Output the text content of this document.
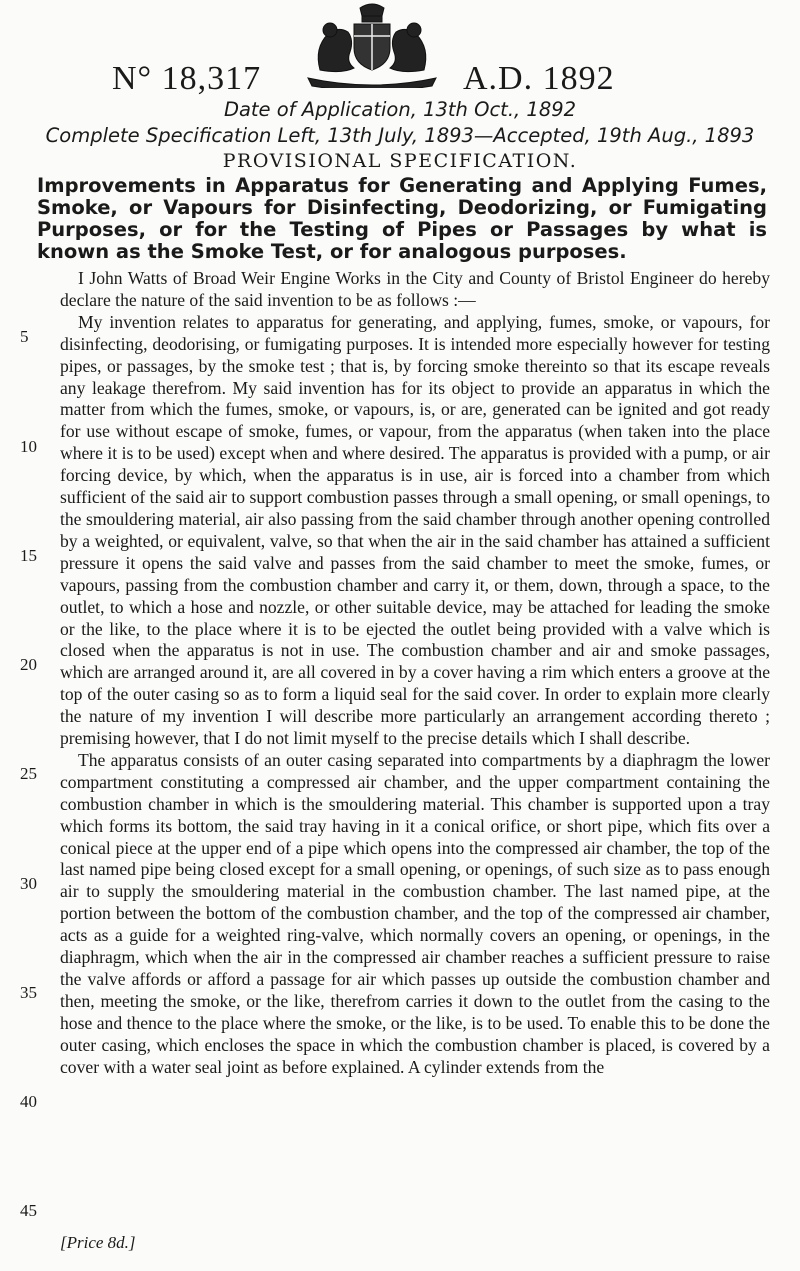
N° 18,317	A.D. 1892
Date of Application, 13th Oct., 1892
Complete Specification Left, 13th July, 1893—Accepted, 19th Aug., 1893
PROVISIONAL SPECIFICATION.

Improvements in Apparatus for Generating and Applying Fumes, Smoke, or Vapours for Disinfecting, Deodorizing, or Fumigating Purposes, or for the Testing of Pipes or Passages by what is known as the Smoke Test, or for analogous purposes.

I John Watts of Broad Weir Engine Works in the City and County of Bristol Engineer do hereby declare the nature of the said invention to be as follows :—

My invention relates to apparatus for generating, and applying, fumes, smoke, or vapours, for disinfecting, deodorising, or fumigating purposes. It is intended more especially however for testing pipes, or passages, by the smoke test ; that is, by forcing smoke thereinto so that its escape reveals any leakage therefrom. My said invention has for its object to provide an apparatus in which the matter from which the fumes, smoke, or vapours, is, or are, generated can be ignited and got ready for use without escape of smoke, fumes, or vapour, from the apparatus (when taken into the place where it is to be used) except when and where desired. The apparatus is provided with a pump, or air forcing device, by which, when the apparatus is in use, air is forced into a chamber from which sufficient of the said air to support combustion passes through a small opening, or small openings, to the smouldering material, air also passing from the said chamber through another opening controlled by a weighted, or equivalent, valve, so that when the air in the said chamber has attained a sufficient pressure it opens the said valve and passes from the said chamber to meet the smoke, fumes, or vapours, passing from the combustion chamber and carry it, or them, down, through a space, to the outlet, to which a hose and nozzle, or other suitable device, may be attached for leading the smoke or the like, to the place where it is to be ejected the outlet being provided with a valve which is closed when the apparatus is not in use. The combustion chamber and air and smoke passages, which are arranged around it, are all covered in by a cover having a rim which enters a groove at the top of the outer casing so as to form a liquid seal for the said cover. In order to explain more clearly the nature of my invention I will describe more particularly an arrangement according thereto ; premising however, that I do not limit myself to the precise details which I shall describe.

The apparatus consists of an outer casing separated into compartments by a diaphragm the lower compartment constituting a compressed air chamber, and the upper compartment containing the combustion chamber in which is the smouldering material. This chamber is supported upon a tray which forms its bottom, the said tray having in it a conical orifice, or short pipe, which fits over a conical piece at the upper end of a pipe which opens into the compressed air chamber, the top of the last named pipe being closed except for a small opening, or openings, of such size as to pass enough air to supply the smouldering material in the combustion chamber. The last named pipe, at the portion between the bottom of the combustion chamber, and the top of the compressed air chamber, acts as a guide for a weighted ring-valve, which normally covers an opening, or openings, in the diaphragm, which when the air in the compressed air chamber reaches a sufficient pressure to raise the valve affords or afford a passage for air which passes up outside the combustion chamber and then, meeting the smoke, or the like, therefrom carries it down to the outlet from the casing to the hose and thence to the place where the smoke, or the like, is to be used. To enable this to be done the outer casing, which encloses the space in which the combustion chamber is placed, is covered by a cover with a water seal joint as before explained. A cylinder extends from the

5
10
15
20
25
30
35
40
45
[Price 8d.]
